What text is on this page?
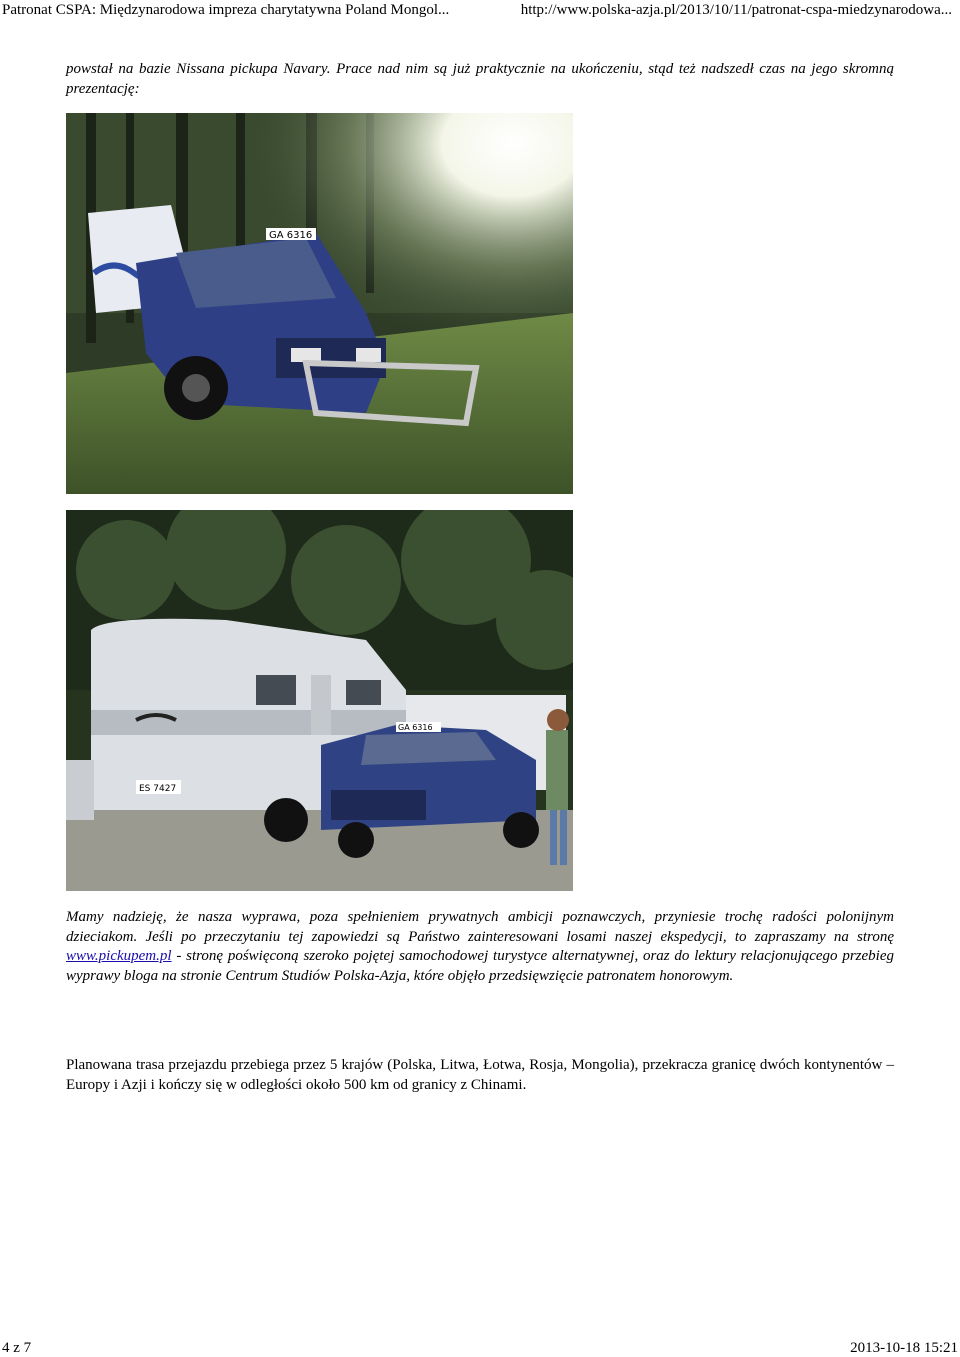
Patronat CSPA: Międzynarodowa impreza charytatywna Poland Mongol...	http://www.polska-azja.pl/2013/10/11/patronat-cspa-miedzynarodowa...
powstał na bazie Nissana pickupa Navary. Prace nad nim są już praktycznie na ukończeniu, stąd też nadszedł czas na jego skromną prezentację:
GA 6316
ES 7427
GA 6316
Mamy nadzieję, że nasza wyprawa, poza spełnieniem prywatnych ambicji poznawczych, przyniesie trochę radości polonijnym dzieciakom. Jeśli po przeczytaniu tej zapowiedzi są Państwo zainteresowani losami naszej ekspedycji, to zapraszamy na stronę www.pickupem.pl - stronę poświęconą szeroko pojętej samochodowej turystyce alternatywnej, oraz do lektury relacjonującego przebieg wyprawy bloga na stronie Centrum Studiów Polska-Azja, które objęło przedsięwzięcie patronatem honorowym.
Planowana trasa przejazdu przebiega przez 5 krajów (Polska, Litwa, Łotwa, Rosja, Mongolia), przekracza granicę dwóch kontynentów – Europy i Azji i kończy się w odległości około 500 km od granicy z Chinami.
4 z 7	2013-10-18 15:21
